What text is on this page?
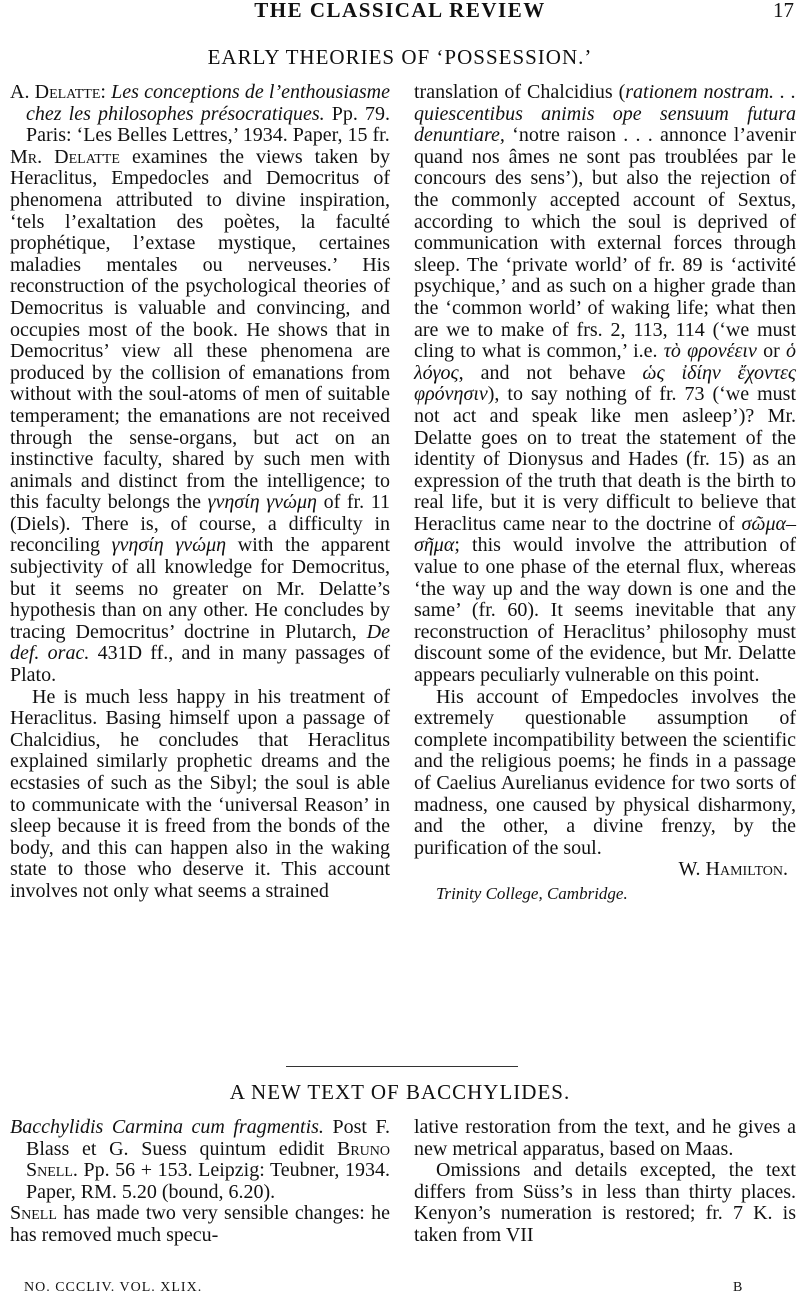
THE CLASSICAL REVIEW	17
EARLY THEORIES OF ‘POSSESSION.’

A. Delatte: Les conceptions de l’enthousiasme chez les philosophes présocratiques. Pp. 79. Paris: ‘Les Belles Lettres,’ 1934. Paper, 15 fr.

Mr. Delatte examines the views taken by Heraclitus, Empedocles and Democritus of phenomena attributed to divine inspiration, ‘tels l’exaltation des poètes, la faculté prophétique, l’extase mystique, certaines maladies mentales ou nerveuses.’ His reconstruction of the psychological theories of Democritus is valuable and convincing, and occupies most of the book. He shows that in Democritus’ view all these phenomena are produced by the collision of emanations from without with the soul-atoms of men of suitable temperament; the emanations are not received through the sense-organs, but act on an instinctive faculty, shared by such men with animals and distinct from the intelligence; to this faculty belongs the γνησίη γνώμη of fr. 11 (Diels). There is, of course, a difficulty in reconciling γνησίη γνώμη with the apparent subjectivity of all knowledge for Democritus, but it seems no greater on Mr. Delatte’s hypothesis than on any other. He concludes by tracing Democritus’ doctrine in Plutarch, De def. orac. 431D ff., and in many passages of Plato.

He is much less happy in his treatment of Heraclitus. Basing himself upon a passage of Chalcidius, he concludes that Heraclitus explained similarly prophetic dreams and the ecstasies of such as the Sibyl; the soul is able to communicate with the ‘universal Reason’ in sleep because it is freed from the bonds of the body, and this can happen also in the waking state to those who deserve it. This account involves not only what seems a strained

translation of Chalcidius (rationem nostram. . . quiescentibus animis ope sensuum futura denuntiare, ‘notre raison . . . annonce l’avenir quand nos âmes ne sont pas troublées par le concours des sens’), but also the rejection of the commonly accepted account of Sextus, according to which the soul is deprived of communication with external forces through sleep. The ‘private world’ of fr. 89 is ‘activité psychique,’ and as such on a higher grade than the ‘common world’ of waking life; what then are we to make of frs. 2, 113, 114 (‘we must cling to what is common,’ i.e. τὸ φρονέειν or ὁ λόγος, and not behave ὡς ἰδίην ἔχοντες φρόνησιν), to say nothing of fr. 73 (‘we must not act and speak like men asleep’)? Mr. Delatte goes on to treat the statement of the identity of Dionysus and Hades (fr. 15) as an expression of the truth that death is the birth to real life, but it is very difficult to believe that Heraclitus came near to the doctrine of σῶμα–σῆμα; this would involve the attribution of value to one phase of the eternal flux, whereas ‘the way up and the way down is one and the same’ (fr. 60). It seems inevitable that any reconstruction of Heraclitus’ philosophy must discount some of the evidence, but Mr. Delatte appears peculiarly vulnerable on this point.

His account of Empedocles involves the extremely questionable assumption of complete incompatibility between the scientific and the religious poems; he finds in a passage of Caelius Aurelianus evidence for two sorts of madness, one caused by physical disharmony, and the other, a divine frenzy, by the purification of the soul.

W. Hamilton.

Trinity College, Cambridge.

A NEW TEXT OF BACCHYLIDES.

Bacchylidis Carmina cum fragmentis. Post F. Blass et G. Suess quintum edidit Bruno Snell. Pp. 56 + 153. Leipzig: Teubner, 1934. Paper, RM. 5.20 (bound, 6.20).

Snell has made two very sensible changes: he has removed much specu-

lative restoration from the text, and he gives a new metrical apparatus, based on Maas.

Omissions and details excepted, the text differs from Süss’s in less than thirty places. Kenyon’s numeration is restored; fr. 7 K. is taken from VII

NO. CCCLIV. VOL. XLIX.	B
